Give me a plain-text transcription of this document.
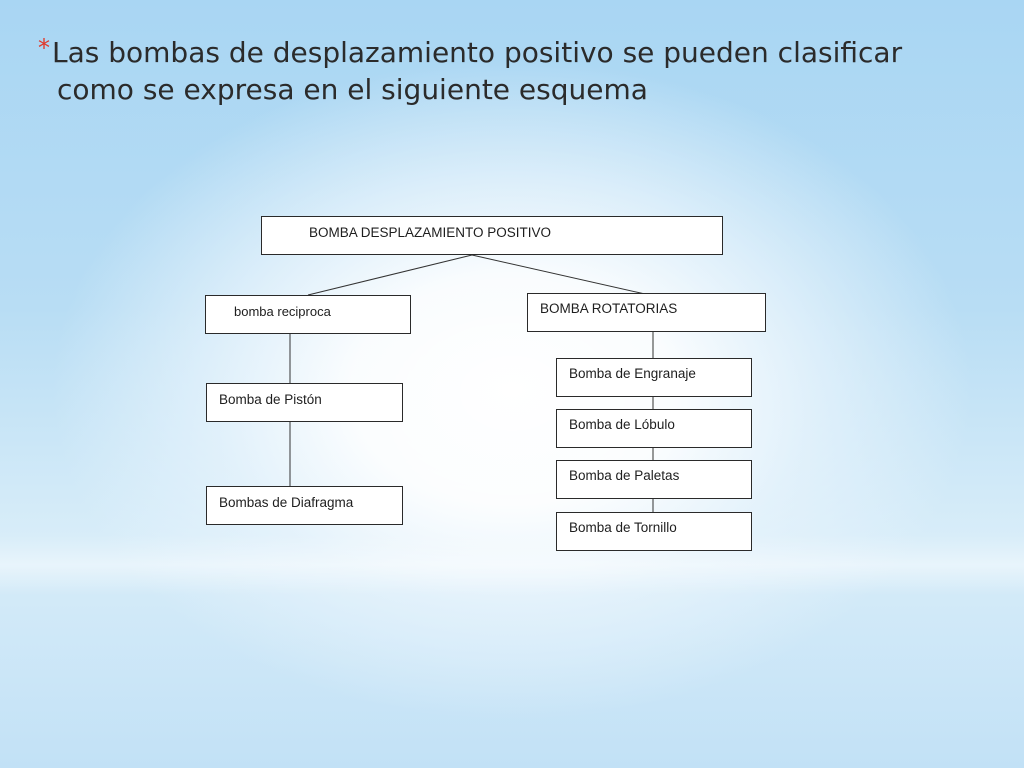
*Las bombas de desplazamiento positivo se pueden clasificar
como se expresa en el siguiente esquema
BOMBA DESPLAZAMIENTO POSITIVO
bomba reciproca	BOMBA ROTATORIAS
Bomba de Pistón
Bombas de Diafragma
Bomba de Engranaje
Bomba de Lóbulo
Bomba de Paletas
Bomba de Tornillo
